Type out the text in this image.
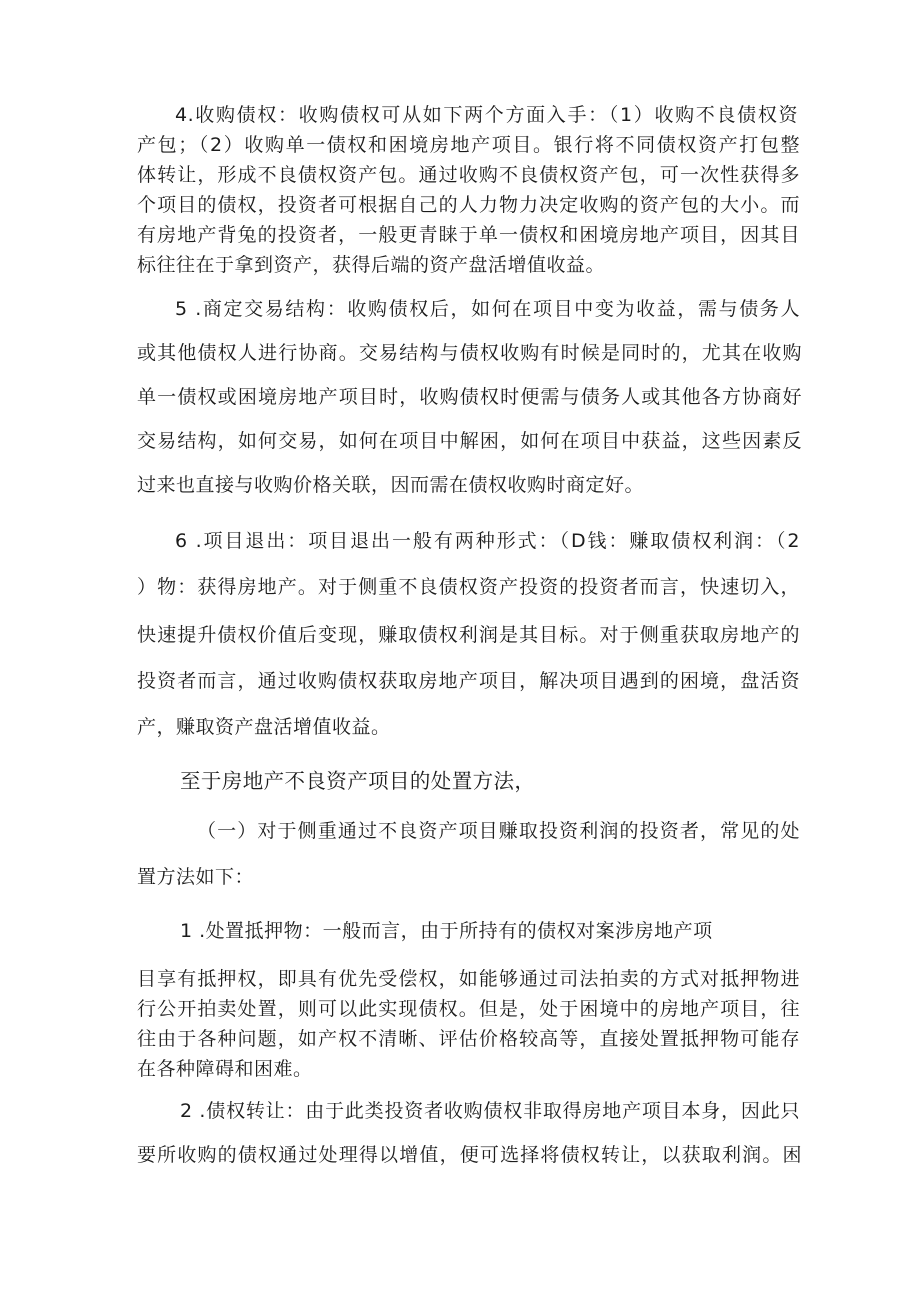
4.收购债权：收购债权可从如下两个方面入手：（1）收购不良债权资
产包；（2）收购单一债权和困境房地产项目。银行将不同债权资产打包整
体转让，形成不良债权资产包。通过收购不良债权资产包，可一次性获得多
个项目的债权，投资者可根据自己的人力物力决定收购的资产包的大小。而
有房地产背兔的投资者，一般更青睐于单一债权和困境房地产项目，因其目
标往往在于拿到资产，获得后端的资产盘活增值收益。
5 .商定交易结构：收购债权后，如何在项目中变为收益，需与债务人
或其他债权人进行协商。交易结构与债权收购有时候是同时的，尤其在收购
单一债权或困境房地产项目时，收购债权时便需与债务人或其他各方协商好
交易结构，如何交易，如何在项目中解困，如何在项目中获益，这些因素反
过来也直接与收购价格关联，因而需在债权收购时商定好。
6 .项目退出：项目退出一般有两种形式：（D钱：赚取债权利润：（2
）物：获得房地产。对于侧重不良债权资产投资的投资者而言，快速切入，
快速提升债权价值后变现，赚取债权利润是其目标。对于侧重获取房地产的
投资者而言，通过收购债权获取房地产项目，解决项目遇到的困境，盘活资
产，赚取资产盘活增值收益。
至于房地产不良资产项目的处置方法，
（一）对于侧重通过不良资产项目赚取投资利润的投资者，常见的处
置方法如下：
1 .处置抵押物：一般而言，由于所持有的债权对案涉房地产项
目享有抵押权，即具有优先受偿权，如能够通过司法拍卖的方式对抵押物进
行公开拍卖处置，则可以此实现债权。但是，处于困境中的房地产项目，往
往由于各种问题，如产权不清晰、评估价格较高等，直接处置抵押物可能存
在各种障碍和困难。
2 .债权转让：由于此类投资者收购债权非取得房地产项目本身，因此只
要所收购的债权通过处理得以增值，便可选择将债权转让，以获取利润。困
